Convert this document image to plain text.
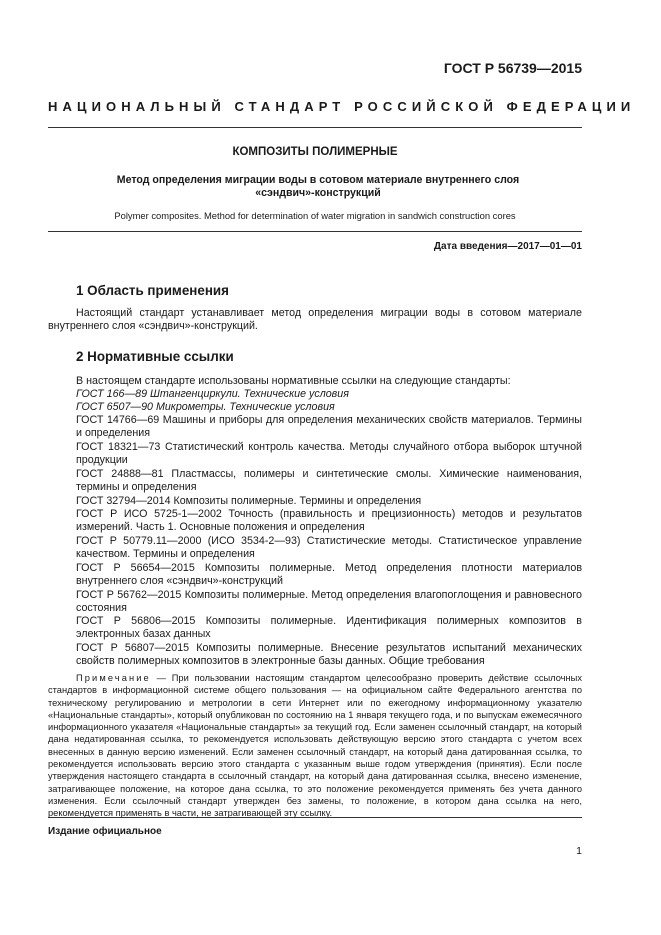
ГОСТ Р 56739—2015
НАЦИОНАЛЬНЫЙ СТАНДАРТ РОССИЙСКОЙ ФЕДЕРАЦИИ
КОМПОЗИТЫ ПОЛИМЕРНЫЕ
Метод определения миграции воды в сотовом материале внутреннего слоя «сэндвич»-конструкций
Polymer composites. Method for determination of water migration in sandwich construction cores
Дата введения—2017—01—01
1 Область применения
Настоящий стандарт устанавливает метод определения миграции воды в сотовом материале внутреннего слоя «сэндвич»-конструкций.
2 Нормативные ссылки
В настоящем стандарте использованы нормативные ссылки на следующие стандарты:
ГОСТ 166—89 Штангенциркули. Технические условия
ГОСТ 6507—90 Микрометры. Технические условия
ГОСТ 14766—69 Машины и приборы для определения механических свойств материалов. Термины и определения
ГОСТ 18321—73 Статистический контроль качества. Методы случайного отбора выборок штучной продукции
ГОСТ 24888—81 Пластмассы, полимеры и синтетические смолы. Химические наименования, термины и определения
ГОСТ 32794—2014 Композиты полимерные. Термины и определения
ГОСТ Р ИСО 5725-1—2002 Точность (правильность и прецизионность) методов и результатов измерений. Часть 1. Основные положения и определения
ГОСТ Р 50779.11—2000 (ИСО 3534-2—93) Статистические методы. Статистическое управление качеством. Термины и определения
ГОСТ Р 56654—2015 Композиты полимерные. Метод определения плотности материалов внутреннего слоя «сэндвич»-конструкций
ГОСТ Р 56762—2015 Композиты полимерные. Метод определения влагопоглощения и равновесного состояния
ГОСТ Р 56806—2015 Композиты полимерные. Идентификация полимерных композитов в электронных базах данных
ГОСТ Р 56807—2015 Композиты полимерные. Внесение результатов испытаний механических свойств полимерных композитов в электронные базы данных. Общие требования
Примечание — При пользовании настоящим стандартом целесообразно проверить действие ссылочных стандартов в информационной системе общего пользования — на официальном сайте Федерального агентства по техническому регулированию и метрологии в сети Интернет или по ежегодному информационному указателю «Национальные стандарты», который опубликован по состоянию на 1 января текущего года, и по выпускам ежемесячного информационного указателя «Национальные стандарты» за текущий год. Если заменен ссылочный стандарт, на который дана недатированная ссылка, то рекомендуется использовать действующую версию этого стандарта с учетом всех внесенных в данную версию изменений. Если заменен ссылочный стандарт, на который дана датированная ссылка, то рекомендуется использовать версию этого стандарта с указанным выше годом утверждения (принятия). Если после утверждения настоящего стандарта в ссылочный стандарт, на который дана датированная ссылка, внесено изменение, затрагивающее положение, на которое дана ссылка, то это положение рекомендуется применять без учета данного изменения. Если ссылочный стандарт утвержден без замены, то положение, в котором дана ссылка на него, рекомендуется применять в части, не затрагивающей эту ссылку.
Издание официальное
1
